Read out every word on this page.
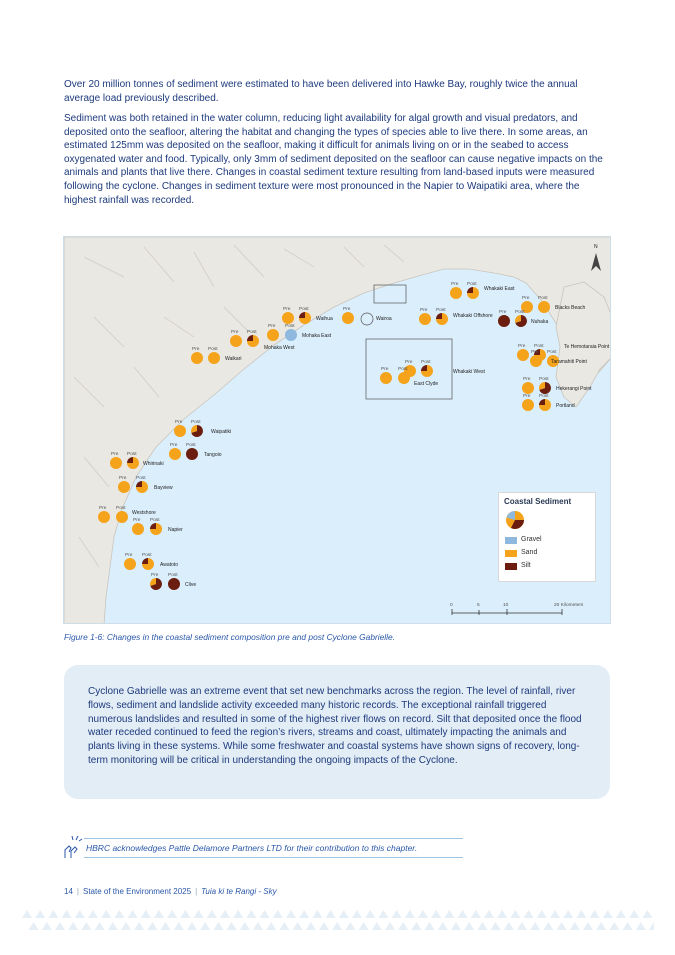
Over 20 million tonnes of sediment were estimated to have been delivered into Hawke Bay, roughly twice the annual average load previously described.

Sediment was both retained in the water column, reducing light availability for algal growth and visual predators, and deposited onto the seafloor, altering the habitat and changing the types of species able to live there. In some areas, an estimated 125mm was deposited on the seafloor, making it difficult for animals living on or in the seabed to access oxygenated water and food. Typically, only 3mm of sediment deposited on the seafloor can cause negative impacts on the animals and plants that live there. Changes in coastal sediment texture resulting from land-based inputs were measured following the cyclone. Changes in sediment texture were most pronounced in the Napier to Waipatiki area, where the highest rainfall was recorded.

N
Pre
Wairoa
Pre Post
Waihua
Pre Post
Mohaka East
Pre Post
Mohaka West
Pre Post
Waikari
Pre Post
Whakaki East
Pre Post
Whakaki Offshore
Pre Post
Whakaki West
Pre Post
East Clyde
Pre Post
Blacks Beach
Pre Post
Nuhaka
Pre Post	Te Hemotaraia Point
Pre Post
Taramahiti Point
Pre Post
Hekerangi Point
Pre Post
Portland
Pre Post
Waipatiki
Pre Post
Tangoio
Pre Post
Whirinaki
Pre Post
Bayview
Pre Post
Westshore
Pre Post
Napier
Pre Post
Awatoto
Pre Post
Clive
0	5	10	20 Kilometers
Coastal Sediment
Gravel
Sand
Silt
Figure 1-6: Changes in the coastal sediment composition pre and post Cyclone Gabrielle.

Cyclone Gabrielle was an extreme event that set new benchmarks across the region. The level of rainfall, river flows, sediment and landslide activity exceeded many historic records. The exceptional rainfall triggered numerous landslides and resulted in some of the highest river flows on record. Silt that deposited once the flood water receded continued to feed the region’s rivers, streams and coast, ultimately impacting the animals and plants living in these systems. While some freshwater and coastal systems have shown signs of recovery, long-term monitoring will be critical in understanding the ongoing impacts of the Cyclone.

HBRC acknowledges Pattle Delamore Partners LTD for their contribution to this chapter.
14 | State of the Environment 2025 | Tuia ki te Rangi - Sky
